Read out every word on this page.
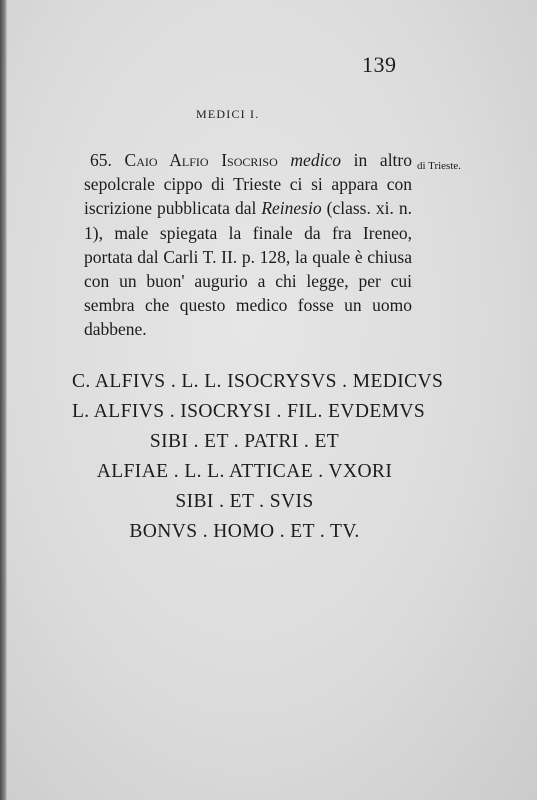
139
MEDICI I.
di Trieste.
65. Caio Alfio Isocriso medico in altro sepolcrale cippo di Trieste ci si appara con iscrizione pubblicata dal Reinesio (class. xi. n. 1), male spiegata la finale da fra Ireneo, portata dal Carli T. II. p. 128, la quale è chiusa con un buon' augurio a chi legge, per cui sembra che questo medico fosse un uomo dabbene.
C. ALFIVS . L. L. ISOCRYSVS . MEDICVS
L. ALFIVS . ISOCRYSI . FIL. EVDEMVS
SIBI . ET . PATRI . ET
ALFIAE . L. L. ATTICAE . VXORI
SIBI . ET . SVIS
BONVS . HOMO . ET . TV.
